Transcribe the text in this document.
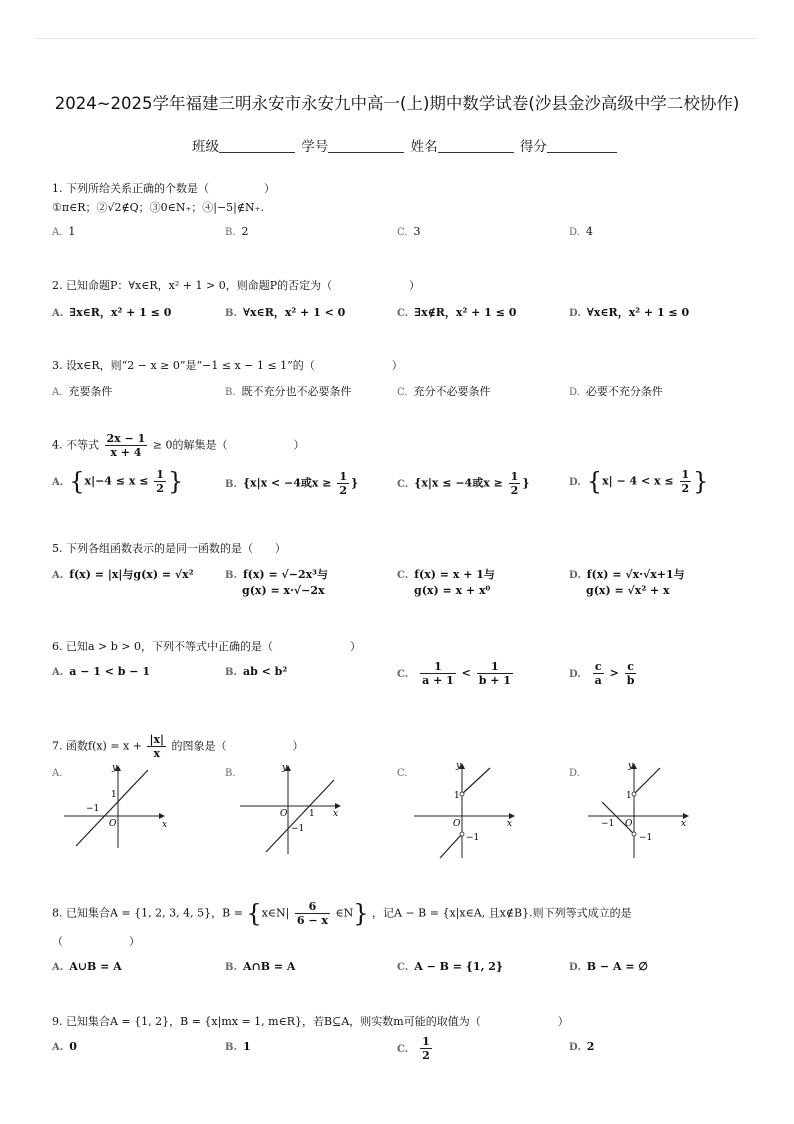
2024~2025学年福建三明永安市永安九中高一(上)期中数学试卷(沙县金沙高级中学二校协作)
班级	学号	姓名	得分
1. 下列所给关系正确的个数是（　　　　　）
①π∈R；②√2∉Q；③0∈N₊；④|−5|∉N₊.
A. 1	B. 2	C. 3	D. 4
2. 已知命题P：∀x∈R，x² + 1 > 0，则命题P的否定为（　　　　　　　）
A. ∃x∈R，x² + 1 ≤ 0	B. ∀x∈R，x² + 1 < 0	C. ∃x∉R，x² + 1 ≤ 0	D. ∀x∈R，x² + 1 ≤ 0
3. 设x∈R，则“2 − x ≥ 0”是“−1 ≤ x − 1 ≤ 1”的（　　　　　　　）
A. 充要条件	B. 既不充分也不必要条件	C. 充分不必要条件	D. 必要不充分条件
4. 不等式 $\frac{2x - 1}{x + 4} \ge 0$的解集是（　　　　　　）
A. {$x|-4 \le x \le \frac{1}{2}$ }	B. {x|x < −4或$x \ge \frac{1}{2}$ }	C. {x|x ≤ −4或$x \ge \frac{1}{2}$ }	D. {$x| - 4 < x \le \frac{1}{2}$ }
5. 下列各组函数表示的是同一函数的是（　　）
A. f(x) = |x|与g(x) = √x²	B. f(x) = √−2x³与
g(x) = x·√−2x
C. f(x) = x + 1与
g(x) = x + x⁰
D. f(x) = √x·√x+1与
g(x) = √x² + x
6. 已知a > b > 0，下列不等式中正确的是（　　　　　　　）
A. a − 1 < b − 1	B. ab < b²	C. $\frac{1}{a + 1} < \frac{1}{b + 1}$	D. $\frac{c}{a} > \frac{c}{b}$
7. 函数$f(x) = x + \frac{|x|}{x}$ 的图象是（　　　　　　）
A.	y
x
O
1
−1
B.	y
x
O 1
−1
C.
y
x
O
1
−1
D.
y
x
O
1
−1
−1
8. 已知集合A = {1, 2, 3, 4, 5}，B = {x∈N| $\frac{6}{6 - x}$ ∈N} ，记A − B = {x|x∈A, 且x∉B}.则下列等式成立的是
（　　　　　　）
A. A∪B = A	B. A∩B = A	C. A − B = {1, 2}	D. B − A = ∅
9. 已知集合A = {1, 2}，B = {x|mx = 1, m∈R}，若B⊆A，则实数m可能的取值为（　　　　　　　）
A. 0	B. 1	C. $\frac{1}{2}$	D. 2
